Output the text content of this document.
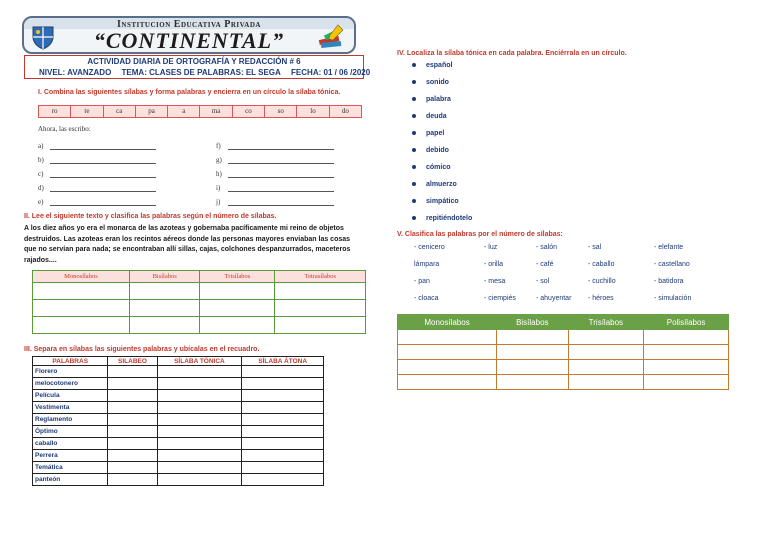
Institucion Educativa Privada
“CONTINENTAL”
ACTIVIDAD DIARIA DE ORTOGRAFÍA Y REDACCIÓN # 6
NIVEL: AVANZADO TEMA: CLASES DE PALABRAS: EL SEGA FECHA: 01 / 06 /2020
I. Combina las siguientes sílabas y forma palabras y encierra en un círculo la sílaba tónica.
ro	te	ca	pa	a	ma	co	so	lo	do
Ahora, las escribo:
a)
b)
c)
d)
e)
f)
g)
h)
i)
j)
II. Lee el siguiente texto y clasifica las palabras según el número de sílabas.
A los diez años yo era el monarca de las azoteas y gobernaba pacíficamente mi reino de objetos destruidos. Las azoteas eran los recintos aéreos donde las personas mayores enviaban las cosas que no servían para nada; se encontraban allí sillas, cajas, colchones despanzurrados, maceteros rajados....
Monosílabos	Bisílabos	Trisílabos	Tetrasílabos

III. Separa en sílabas las siguientes palabras y ubícalas en el recuadro.
PALABRAS	SILABEO	SÍLABA TÓNICA	SÍLABA ÁTONA
Florero			
melocotonero			
Película			
Vestimenta			
Reglamento			
Óptimo			
caballo			
Perrera			
Temática			
panteón			
IV. Localiza la sílaba tónica en cada palabra. Enciérrala en un círculo.
español
sonido
palabra
deuda
papel
debido
cómico
almuerzo
simpático
repitiéndotelo
V. Clasifica las palabras por el número de sílabas:
- cenicero	- luz	- salón	- sal	- elefante
lámpara	- orilla	- café	- caballo	- castellano
- pan	- mesa	- sol	- cuchillo	- batidora
- cloaca	- ciempiés	- ahuyentar	- héroes	- simulación
Monosílabos	Bisílabos	Trisílabos	Polisílabos
